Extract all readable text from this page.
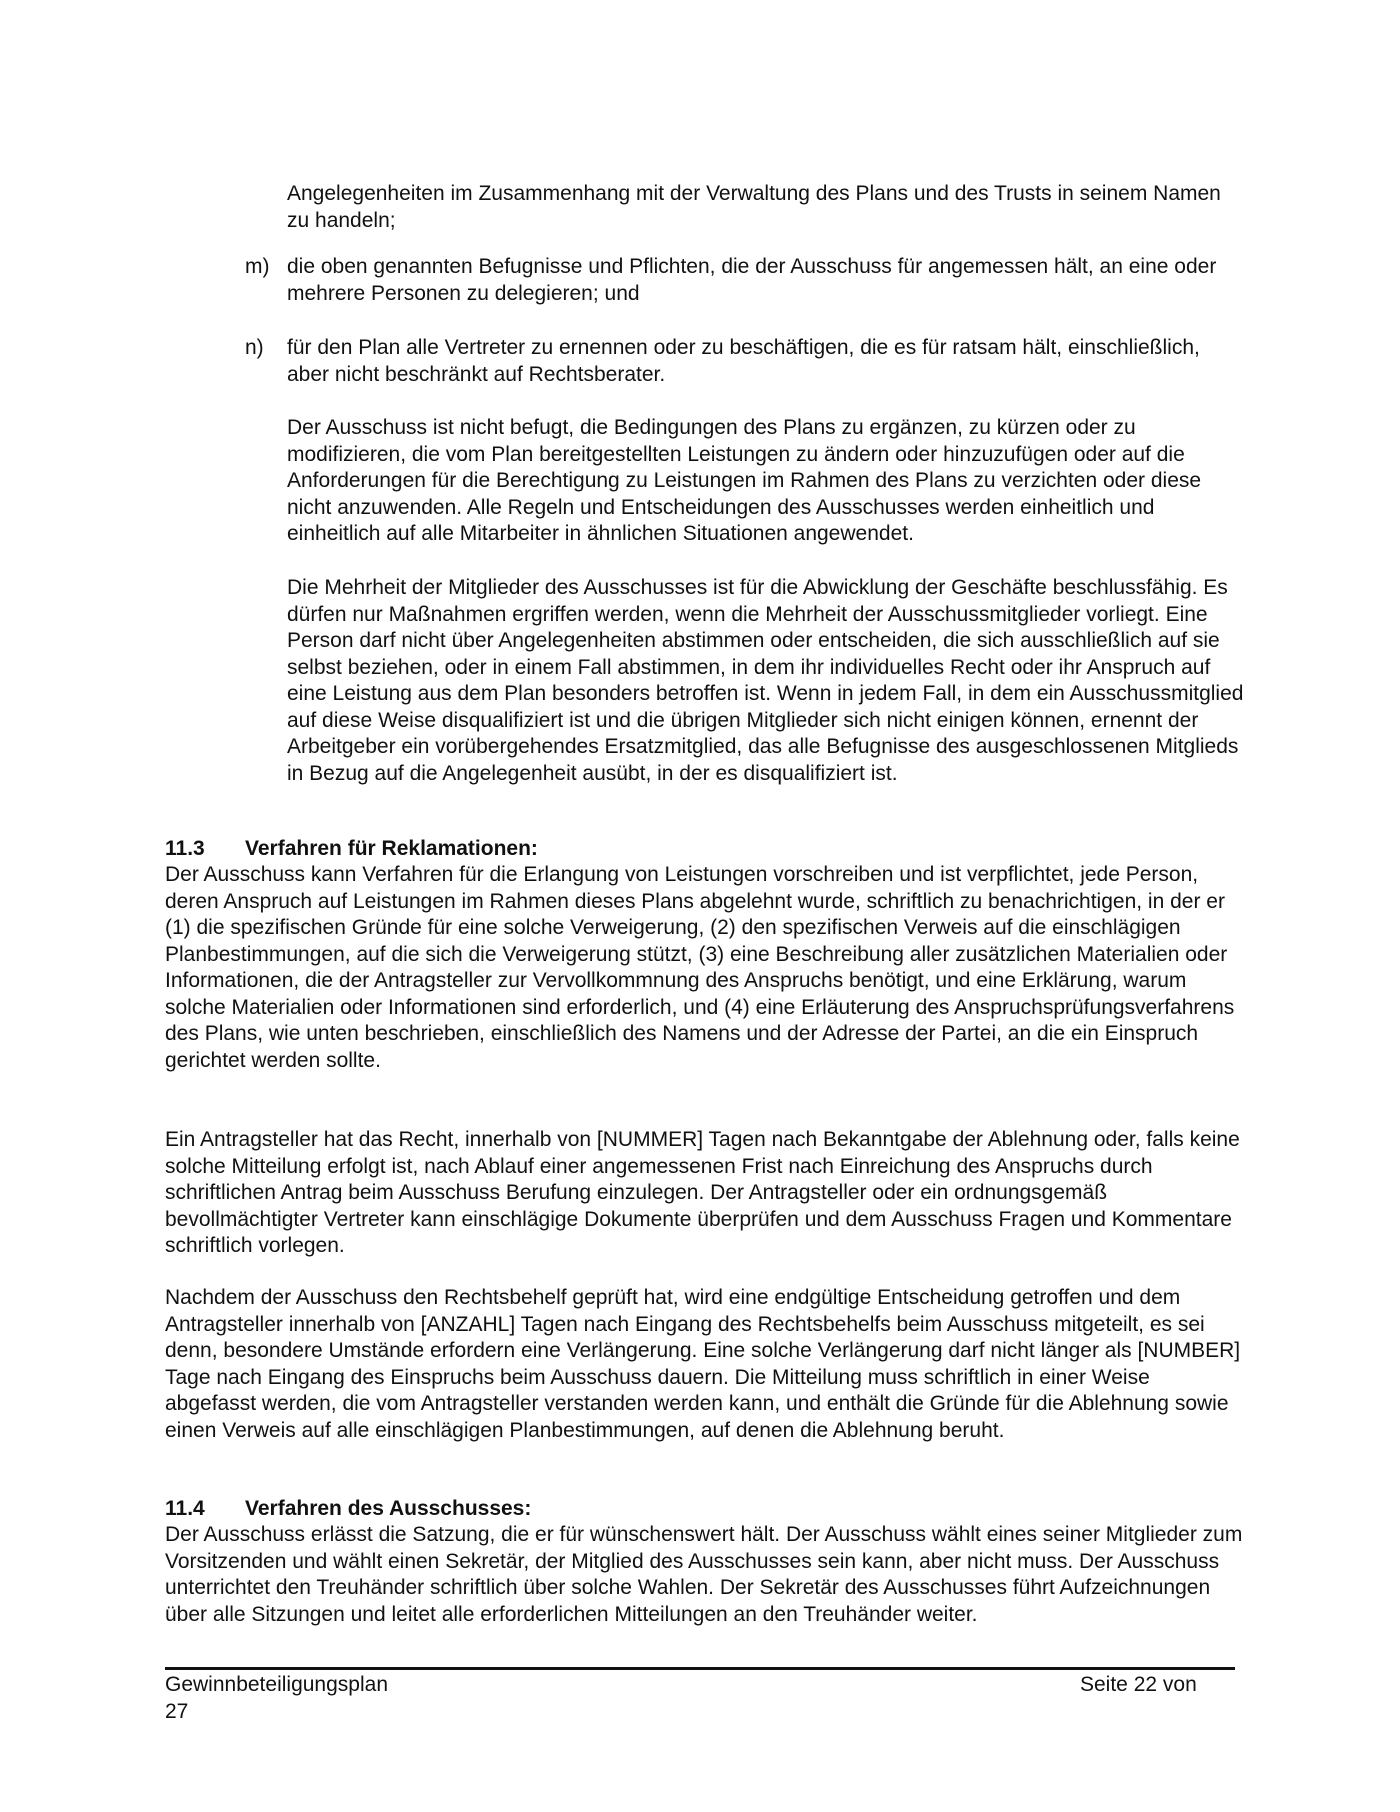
Angelegenheiten im Zusammenhang mit der Verwaltung des Plans und des Trusts in seinem Namen zu handeln;

m) die oben genannten Befugnisse und Pflichten, die der Ausschuss für angemessen hält, an eine oder mehrere Personen zu delegieren; und

n) für den Plan alle Vertreter zu ernennen oder zu beschäftigen, die es für ratsam hält, einschließlich, aber nicht beschränkt auf Rechtsberater.

Der Ausschuss ist nicht befugt, die Bedingungen des Plans zu ergänzen, zu kürzen oder zu modifizieren, die vom Plan bereitgestellten Leistungen zu ändern oder hinzuzufügen oder auf die Anforderungen für die Berechtigung zu Leistungen im Rahmen des Plans zu verzichten oder diese nicht anzuwenden. Alle Regeln und Entscheidungen des Ausschusses werden einheitlich und einheitlich auf alle Mitarbeiter in ähnlichen Situationen angewendet.

Die Mehrheit der Mitglieder des Ausschusses ist für die Abwicklung der Geschäfte beschlussfähig. Es dürfen nur Maßnahmen ergriffen werden, wenn die Mehrheit der Ausschussmitglieder vorliegt. Eine Person darf nicht über Angelegenheiten abstimmen oder entscheiden, die sich ausschließlich auf sie selbst beziehen, oder in einem Fall abstimmen, in dem ihr individuelles Recht oder ihr Anspruch auf eine Leistung aus dem Plan besonders betroffen ist. Wenn in jedem Fall, in dem ein Ausschussmitglied auf diese Weise disqualifiziert ist und die übrigen Mitglieder sich nicht einigen können, ernennt der Arbeitgeber ein vorübergehendes Ersatzmitglied, das alle Befugnisse des ausgeschlossenen Mitglieds in Bezug auf die Angelegenheit ausübt, in der es disqualifiziert ist.

11.3 Verfahren für Reklamationen:

Der Ausschuss kann Verfahren für die Erlangung von Leistungen vorschreiben und ist verpflichtet, jede Person, deren Anspruch auf Leistungen im Rahmen dieses Plans abgelehnt wurde, schriftlich zu benachrichtigen, in der er (1) die spezifischen Gründe für eine solche Verweigerung, (2) den spezifischen Verweis auf die einschlägigen Planbestimmungen, auf die sich die Verweigerung stützt, (3) eine Beschreibung aller zusätzlichen Materialien oder Informationen, die der Antragsteller zur Vervollkommnung des Anspruchs benötigt, und eine Erklärung, warum solche Materialien oder Informationen sind erforderlich, und (4) eine Erläuterung des Anspruchsprüfungsverfahrens des Plans, wie unten beschrieben, einschließlich des Namens und der Adresse der Partei, an die ein Einspruch gerichtet werden sollte.

Ein Antragsteller hat das Recht, innerhalb von [NUMMER] Tagen nach Bekanntgabe der Ablehnung oder, falls keine solche Mitteilung erfolgt ist, nach Ablauf einer angemessenen Frist nach Einreichung des Anspruchs durch schriftlichen Antrag beim Ausschuss Berufung einzulegen. Der Antragsteller oder ein ordnungsgemäß bevollmächtigter Vertreter kann einschlägige Dokumente überprüfen und dem Ausschuss Fragen und Kommentare schriftlich vorlegen.

Nachdem der Ausschuss den Rechtsbehelf geprüft hat, wird eine endgültige Entscheidung getroffen und dem Antragsteller innerhalb von [ANZAHL] Tagen nach Eingang des Rechtsbehelfs beim Ausschuss mitgeteilt, es sei denn, besondere Umstände erfordern eine Verlängerung. Eine solche Verlängerung darf nicht länger als [NUMBER] Tage nach Eingang des Einspruchs beim Ausschuss dauern. Die Mitteilung muss schriftlich in einer Weise abgefasst werden, die vom Antragsteller verstanden werden kann, und enthält die Gründe für die Ablehnung sowie einen Verweis auf alle einschlägigen Planbestimmungen, auf denen die Ablehnung beruht.

11.4 Verfahren des Ausschusses:

Der Ausschuss erlässt die Satzung, die er für wünschenswert hält. Der Ausschuss wählt eines seiner Mitglieder zum Vorsitzenden und wählt einen Sekretär, der Mitglied des Ausschusses sein kann, aber nicht muss. Der Ausschuss unterrichtet den Treuhänder schriftlich über solche Wahlen. Der Sekretär des Ausschusses führt Aufzeichnungen über alle Sitzungen und leitet alle erforderlichen Mitteilungen an den Treuhänder weiter.

Gewinnbeteiligungsplan
27
Seite 22 von
